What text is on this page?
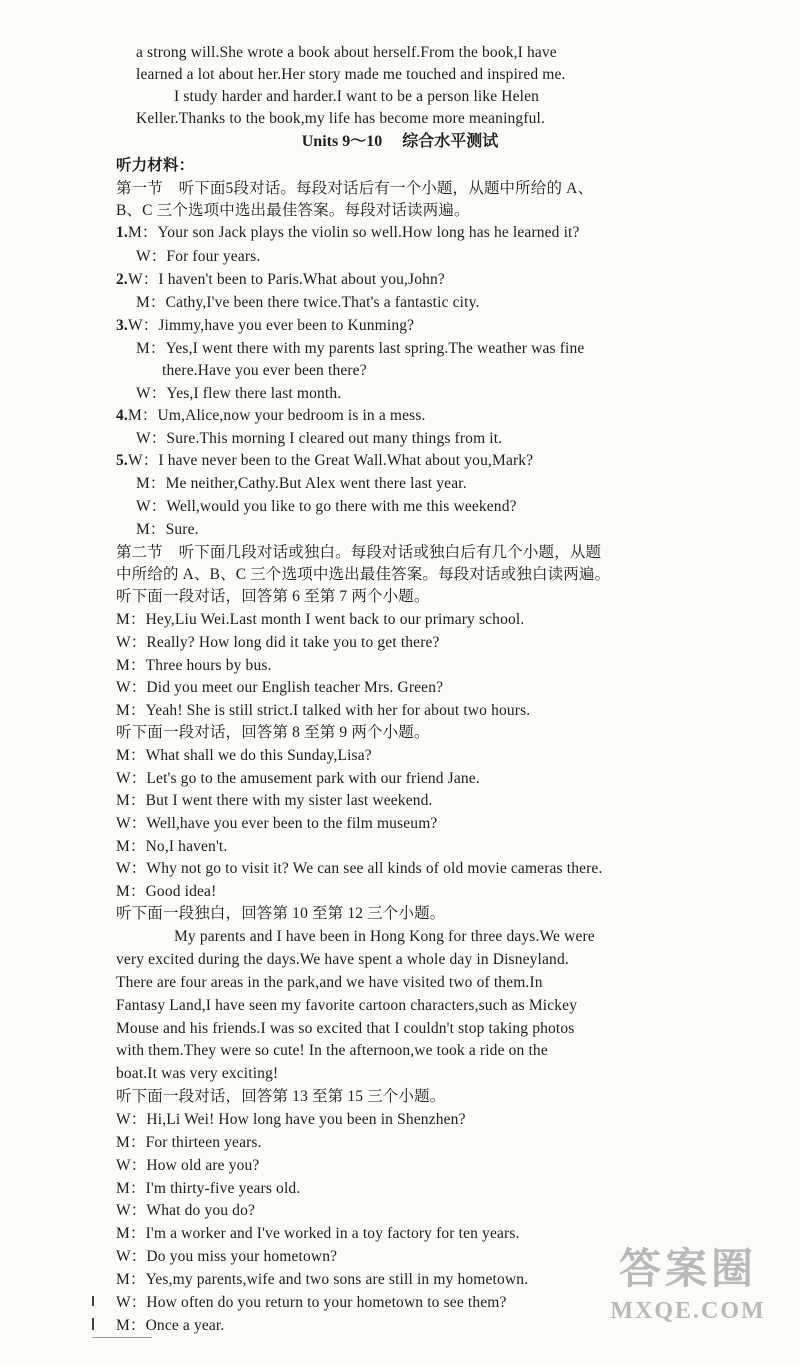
a strong will.She wrote a book about herself.From the book,I have
learned a lot about her.Her story made me touched and inspired me.
I study harder and harder.I want to be a person like Helen
Keller.Thanks to the book,my life has become more meaningful.
Units 9～10 综合水平测试
听力材料：
第一节　听下面5段对话。每段对话后有一个小题，从题中所给的 A、
B、C 三个选项中选出最佳答案。每段对话读两遍。
1.M：Your son Jack plays the violin so well.How long has he learned it?
W：For four years.
2.W：I haven't been to Paris.What about you,John?
M：Cathy,I've been there twice.That's a fantastic city.
3.W：Jimmy,have you ever been to Kunming?
M：Yes,I went there with my parents last spring.The weather was fine
there.Have you ever been there?
W：Yes,I flew there last month.
4.M：Um,Alice,now your bedroom is in a mess.
W：Sure.This morning I cleared out many things from it.
5.W：I have never been to the Great Wall.What about you,Mark?
M：Me neither,Cathy.But Alex went there last year.
W：Well,would you like to go there with me this weekend?
M：Sure.
第二节　听下面几段对话或独白。每段对话或独白后有几个小题，从题
中所给的 A、B、C 三个选项中选出最佳答案。每段对话或独白读两遍。
听下面一段对话，回答第 6 至第 7 两个小题。
M：Hey,Liu Wei.Last month I went back to our primary school.
W：Really? How long did it take you to get there?
M：Three hours by bus.
W：Did you meet our English teacher Mrs. Green?
M：Yeah! She is still strict.I talked with her for about two hours.
听下面一段对话，回答第 8 至第 9 两个小题。
M：What shall we do this Sunday,Lisa?
W：Let's go to the amusement park with our friend Jane.
M：But I went there with my sister last weekend.
W：Well,have you ever been to the film museum?
M：No,I haven't.
W：Why not go to visit it? We can see all kinds of old movie cameras there.
M：Good idea!
听下面一段独白，回答第 10 至第 12 三个小题。
My parents and I have been in Hong Kong for three days.We were
very excited during the days.We have spent a whole day in Disneyland.
There are four areas in the park,and we have visited two of them.In
Fantasy Land,I have seen my favorite cartoon characters,such as Mickey
Mouse and his friends.I was so excited that I couldn't stop taking photos
with them.They were so cute! In the afternoon,we took a ride on the
boat.It was very exciting!
听下面一段对话，回答第 13 至第 15 三个小题。
W：Hi,Li Wei! How long have you been in Shenzhen?
M：For thirteen years.
W：How old are you?
M：I'm thirty-five years old.
W：What do you do?
M：I'm a worker and I've worked in a toy factory for ten years.
W：Do you miss your hometown?
M：Yes,my parents,wife and two sons are still in my hometown.
W：How often do you return to your hometown to see them?
M：Once a year.
答案圈
MXQE.COM
